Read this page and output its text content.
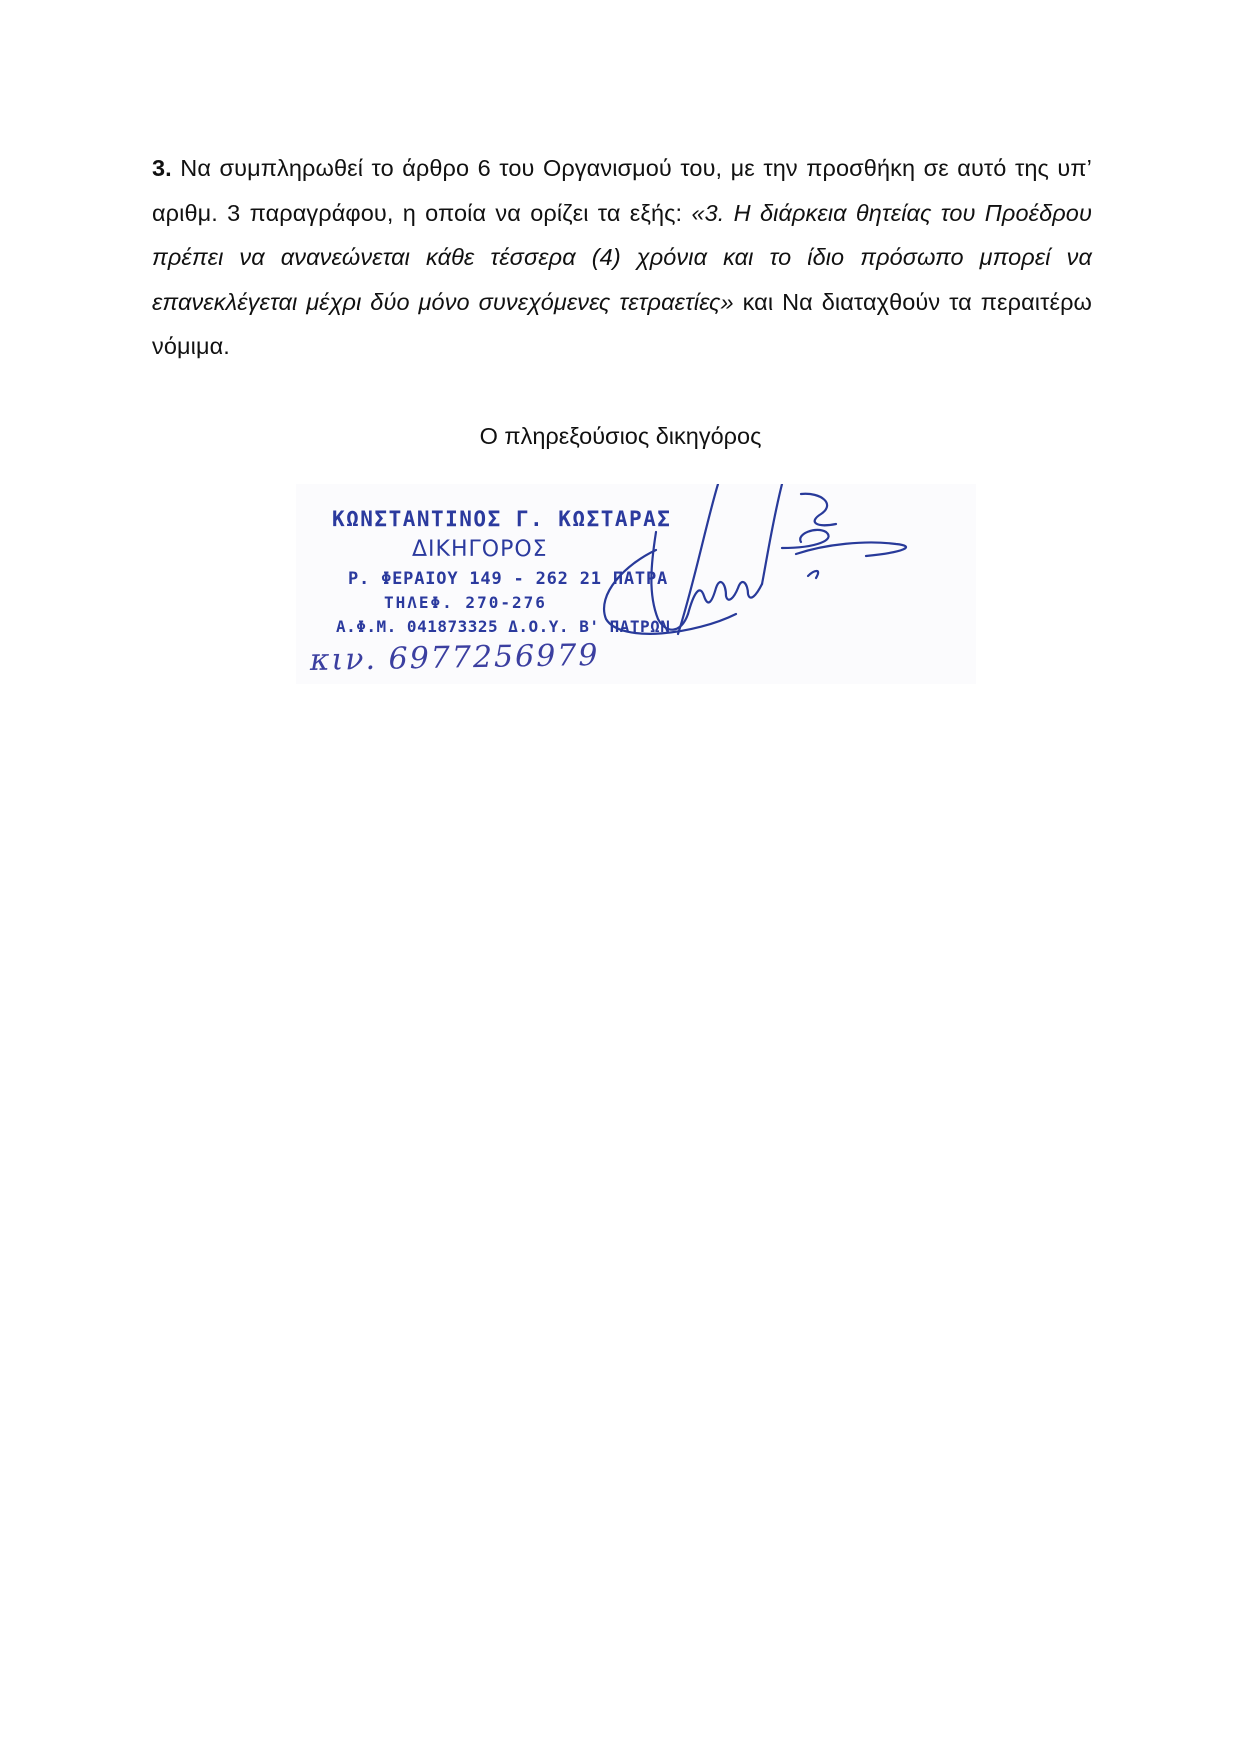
3. Να συμπληρωθεί το άρθρο 6 του Οργανισμού του, με την προσθήκη σε αυτό της υπ’ αριθμ. 3 παραγράφου, η οποία να ορίζει τα εξής: «3. Η διάρκεια θητείας του Προέδρου πρέπει να ανανεώνεται κάθε τέσσερα (4) χρόνια και το ίδιο πρόσωπο μπορεί να επανεκλέγεται μέχρι δύο μόνο συνεχόμενες τετραετίες» και Να διαταχθούν τα περαιτέρω νόμιμα.

Ο πληρεξούσιος δικηγόρος
ΚΩΝΣΤΑΝΤΙΝΟΣ Γ. ΚΩΣΤΑΡΑΣ
ΔΙΚΗΓΟΡΟΣ
Ρ. ΦΕΡΑΙΟΥ 149 - 262 21 ΠΑΤΡΑ
ΤΗΛΕΦ. 270-276
Α.Φ.Μ. 041873325 Δ.Ο.Υ. Β' ΠΑΤΡΩΝ
κιν. 6977256979
